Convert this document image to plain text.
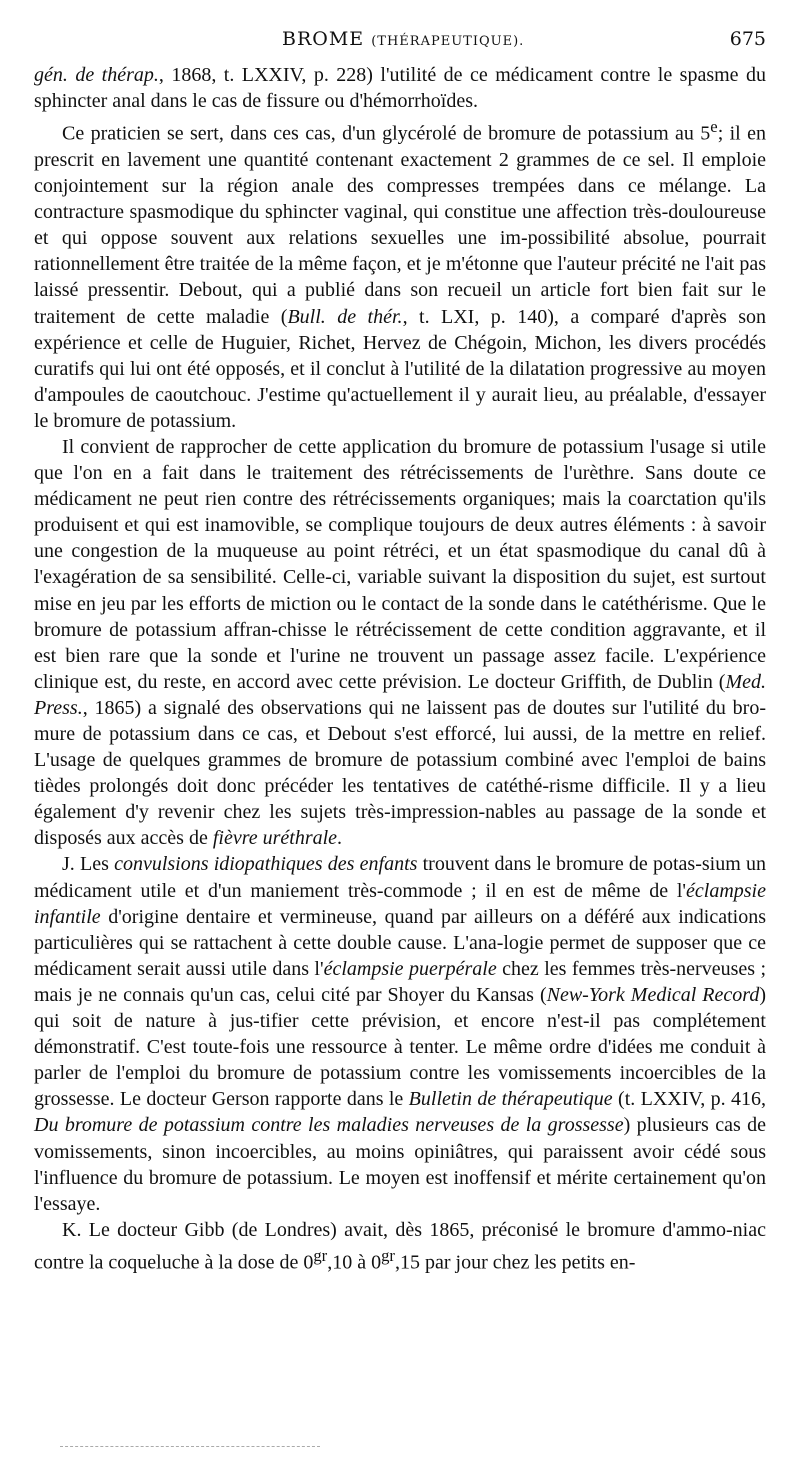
BROME (THÉRAPEUTIQUE).	675

gén. de thérap., 1868, t. LXXIV, p. 228) l'utilité de ce médicament contre le spasme du sphincter anal dans le cas de fissure ou d'hémorrhoïdes.

Ce praticien se sert, dans ces cas, d'un glycérolé de bromure de potassium au 5e; il en prescrit en lavement une quantité contenant exactement 2 grammes de ce sel. Il emploie conjointement sur la région anale des compresses trempées dans ce mélange. La contracture spasmodique du sphincter vaginal, qui constitue une affection très-douloureuse et qui oppose souvent aux relations sexuelles une im-possibilité absolue, pourrait rationnellement être traitée de la même façon, et je m'étonne que l'auteur précité ne l'ait pas laissé pressentir. Debout, qui a publié dans son recueil un article fort bien fait sur le traitement de cette maladie (Bull. de thér., t. LXI, p. 140), a comparé d'après son expérience et celle de Huguier, Richet, Hervez de Chégoin, Michon, les divers procédés curatifs qui lui ont été opposés, et il conclut à l'utilité de la dilatation progressive au moyen d'ampoules de caoutchouc. J'estime qu'actuellement il y aurait lieu, au préalable, d'essayer le bromure de potassium.

Il convient de rapprocher de cette application du bromure de potassium l'usage si utile que l'on en a fait dans le traitement des rétrécissements de l'urèthre. Sans doute ce médicament ne peut rien contre des rétrécissements organiques; mais la coarctation qu'ils produisent et qui est inamovible, se complique toujours de deux autres éléments : à savoir une congestion de la muqueuse au point rétréci, et un état spasmodique du canal dû à l'exagération de sa sensibilité. Celle-ci, variable suivant la disposition du sujet, est surtout mise en jeu par les efforts de miction ou le contact de la sonde dans le catéthérisme. Que le bromure de potassium affran-chisse le rétrécissement de cette condition aggravante, et il est bien rare que la sonde et l'urine ne trouvent un passage assez facile. L'expérience clinique est, du reste, en accord avec cette prévision. Le docteur Griffith, de Dublin (Med. Press., 1865) a signalé des observations qui ne laissent pas de doutes sur l'utilité du bro-mure de potassium dans ce cas, et Debout s'est efforcé, lui aussi, de la mettre en relief. L'usage de quelques grammes de bromure de potassium combiné avec l'emploi de bains tièdes prolongés doit donc précéder les tentatives de catéthé-risme difficile. Il y a lieu également d'y revenir chez les sujets très-impression-nables au passage de la sonde et disposés aux accès de fièvre uréthrale.

J. Les convulsions idiopathiques des enfants trouvent dans le bromure de potas-sium un médicament utile et d'un maniement très-commode ; il en est de même de l'éclampsie infantile d'origine dentaire et vermineuse, quand par ailleurs on a déféré aux indications particulières qui se rattachent à cette double cause. L'ana-logie permet de supposer que ce médicament serait aussi utile dans l'éclampsie puerpérale chez les femmes très-nerveuses ; mais je ne connais qu'un cas, celui cité par Shoyer du Kansas (New-York Medical Record) qui soit de nature à jus-tifier cette prévision, et encore n'est-il pas complétement démonstratif. C'est toute-fois une ressource à tenter. Le même ordre d'idées me conduit à parler de l'emploi du bromure de potassium contre les vomissements incoercibles de la grossesse. Le docteur Gerson rapporte dans le Bulletin de thérapeutique (t. LXXIV, p. 416, Du bromure de potassium contre les maladies nerveuses de la grossesse) plusieurs cas de vomissements, sinon incoercibles, au moins opiniâtres, qui paraissent avoir cédé sous l'influence du bromure de potassium. Le moyen est inoffensif et mérite certainement qu'on l'essaye.

K. Le docteur Gibb (de Londres) avait, dès 1865, préconisé le bromure d'ammo-niac contre la coqueluche à la dose de $0^{gr},10$ à $0^{gr},15$ par jour chez les petits en-
